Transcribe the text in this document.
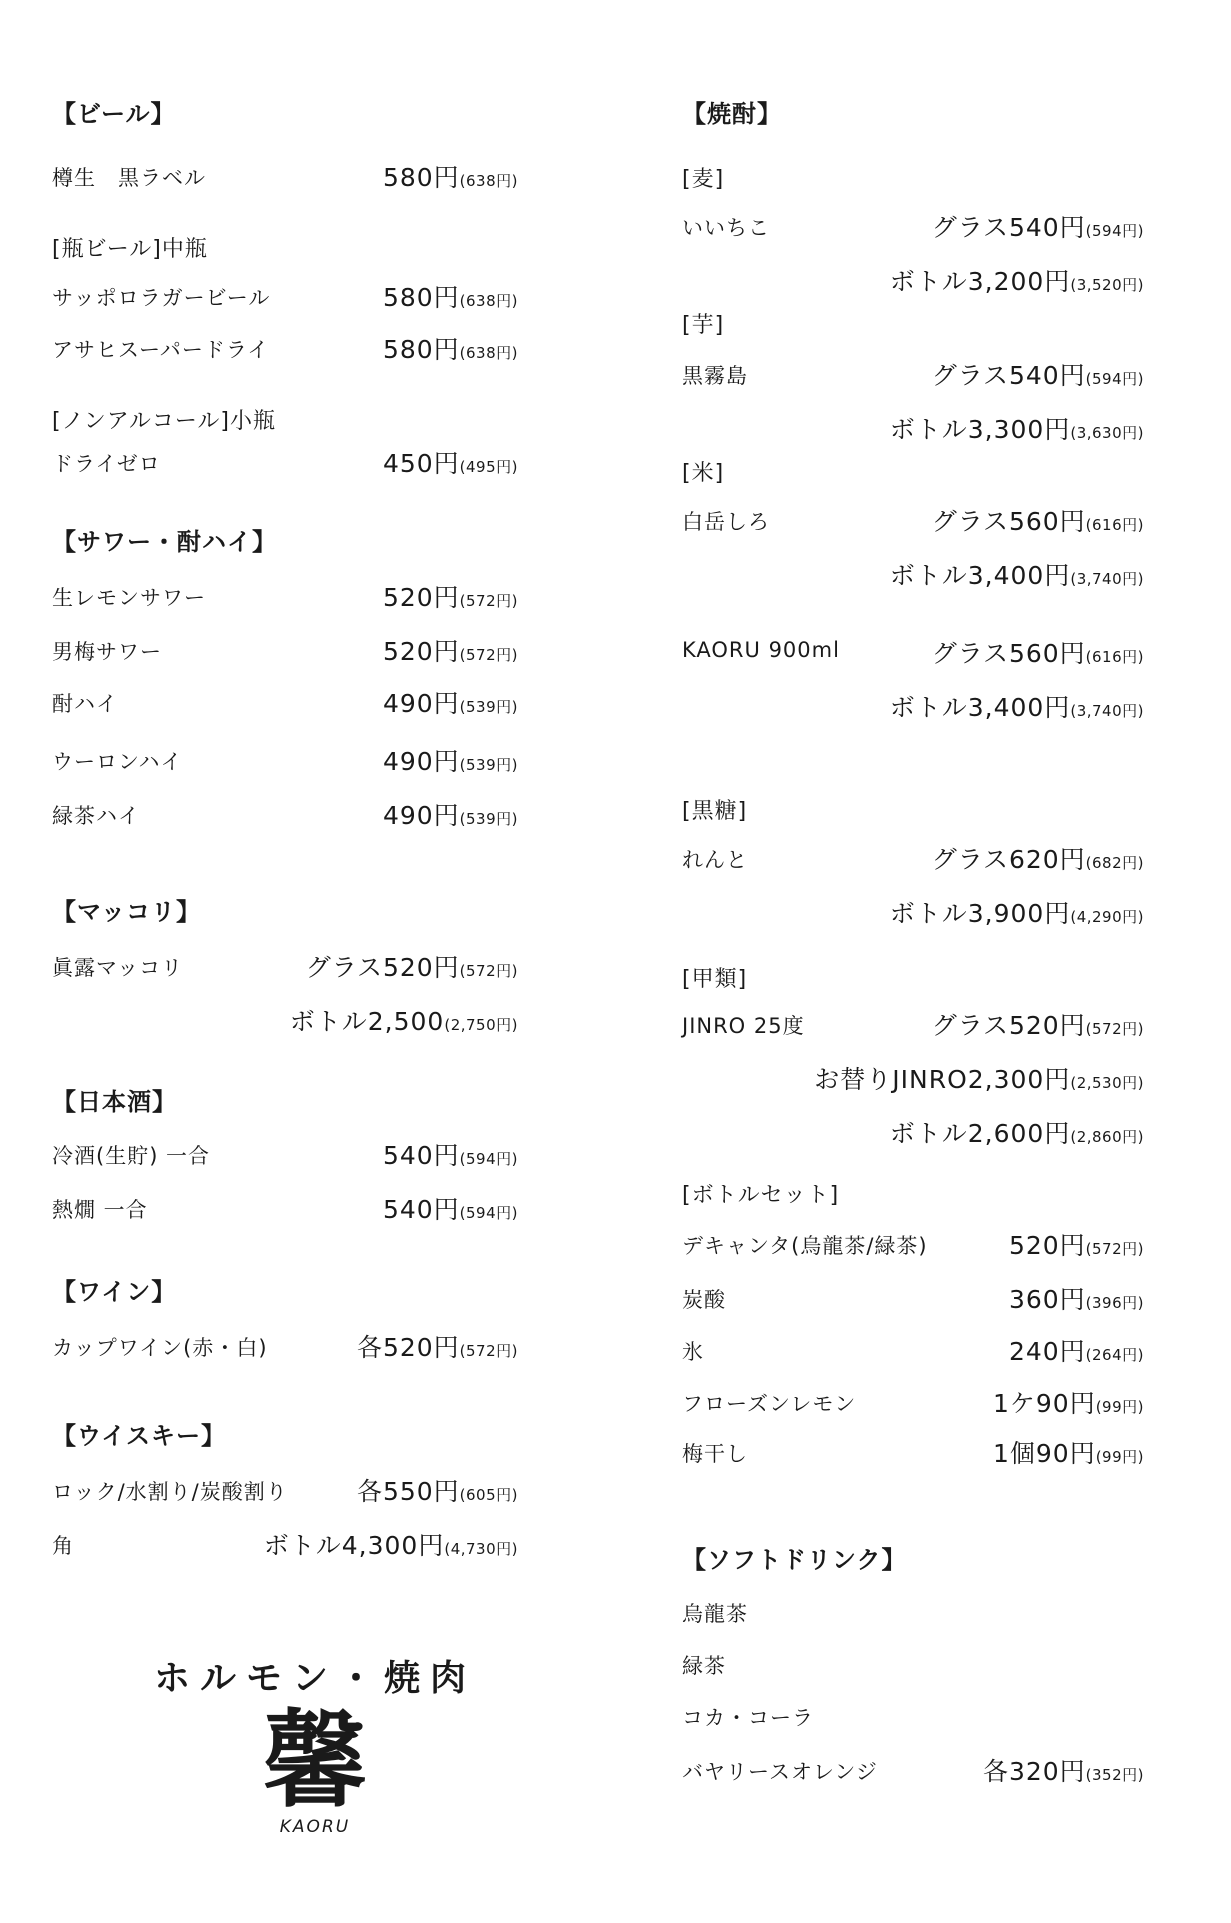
【ビール】
樽生　黒ラベル	580円(638円)
[瓶ビール]中瓶
サッポロラガービール	580円(638円)
アサヒスーパードライ	580円(638円)
[ノンアルコール]小瓶
ドライゼロ	450円(495円)
【サワー・酎ハイ】
生レモンサワー	520円(572円)
男梅サワー	520円(572円)
酎ハイ	490円(539円)
ウーロンハイ	490円(539円)
緑茶ハイ	490円(539円)
【マッコリ】
眞露マッコリ	グラス520円(572円)
ボトル2,500(2,750円)
【日本酒】
冷酒(生貯) 一合	540円(594円)
熱燗 一合	540円(594円)
【ワイン】
カップワイン(赤・白)	各520円(572円)
【ウイスキー】
ロック/水割り/炭酸割り	各550円(605円)
角	ボトル4,300円(4,730円)
【焼酎】
[麦]
いいちこ	グラス540円(594円)
ボトル3,200円(3,520円)
[芋]
黒霧島	グラス540円(594円)
ボトル3,300円(3,630円)
[米]
白岳しろ	グラス560円(616円)
ボトル3,400円(3,740円)
KAORU 900ml	グラス560円(616円)
ボトル3,400円(3,740円)
[黒糖]
れんと	グラス620円(682円)
ボトル3,900円(4,290円)
[甲類]
JINRO 25度	グラス520円(572円)
お替りJINRO2,300円(2,530円)
ボトル2,600円(2,860円)
[ボトルセット]
デキャンタ(烏龍茶/緑茶)	520円(572円)
炭酸	360円(396円)
氷	240円(264円)
フローズンレモン	1ケ90円(99円)
梅干し	1個90円(99円)
【ソフトドリンク】
烏龍茶
緑茶
コカ・コーラ
バヤリースオレンジ	各320円(352円)
ホルモン・焼肉
馨
KAORU
